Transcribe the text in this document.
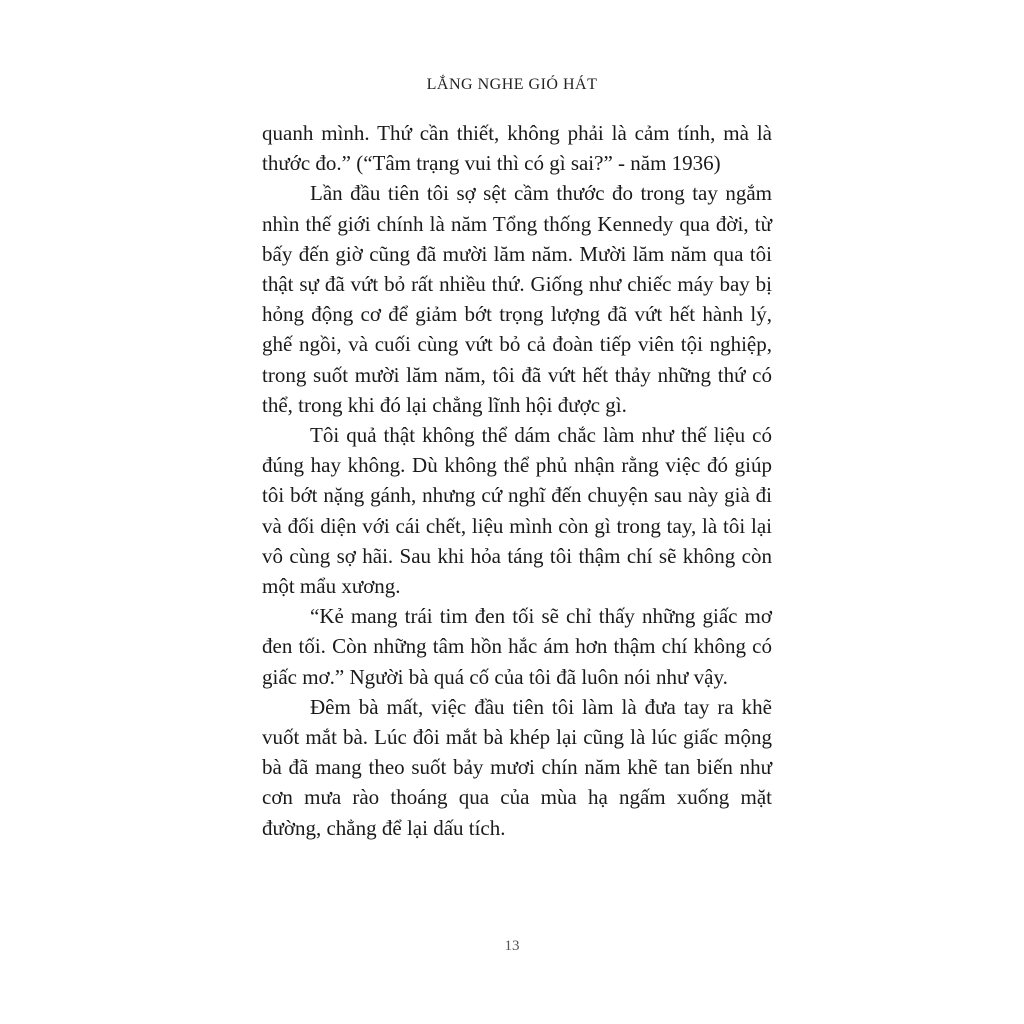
LẮNG NGHE GIÓ HÁT

quanh mình. Thứ cần thiết, không phải là cảm tính, mà là thước đo.” (“Tâm trạng vui thì có gì sai?” - năm 1936)

Lần đầu tiên tôi sợ sệt cầm thước đo trong tay ngắm nhìn thế giới chính là năm Tổng thống Kennedy qua đời, từ bấy đến giờ cũng đã mười lăm năm. Mười lăm năm qua tôi thật sự đã vứt bỏ rất nhiều thứ. Giống như chiếc máy bay bị hỏng động cơ để giảm bớt trọng lượng đã vứt hết hành lý, ghế ngồi, và cuối cùng vứt bỏ cả đoàn tiếp viên tội nghiệp, trong suốt mười lăm năm, tôi đã vứt hết thảy những thứ có thể, trong khi đó lại chẳng lĩnh hội được gì.

Tôi quả thật không thể dám chắc làm như thế liệu có đúng hay không. Dù không thể phủ nhận rằng việc đó giúp tôi bớt nặng gánh, nhưng cứ nghĩ đến chuyện sau này già đi và đối diện với cái chết, liệu mình còn gì trong tay, là tôi lại vô cùng sợ hãi. Sau khi hỏa táng tôi thậm chí sẽ không còn một mẩu xương.

“Kẻ mang trái tim đen tối sẽ chỉ thấy những giấc mơ đen tối. Còn những tâm hồn hắc ám hơn thậm chí không có giấc mơ.” Người bà quá cố của tôi đã luôn nói như vậy.

Đêm bà mất, việc đầu tiên tôi làm là đưa tay ra khẽ vuốt mắt bà. Lúc đôi mắt bà khép lại cũng là lúc giấc mộng bà đã mang theo suốt bảy mươi chín năm khẽ tan biến như cơn mưa rào thoáng qua của mùa hạ ngấm xuống mặt đường, chẳng để lại dấu tích.

13
